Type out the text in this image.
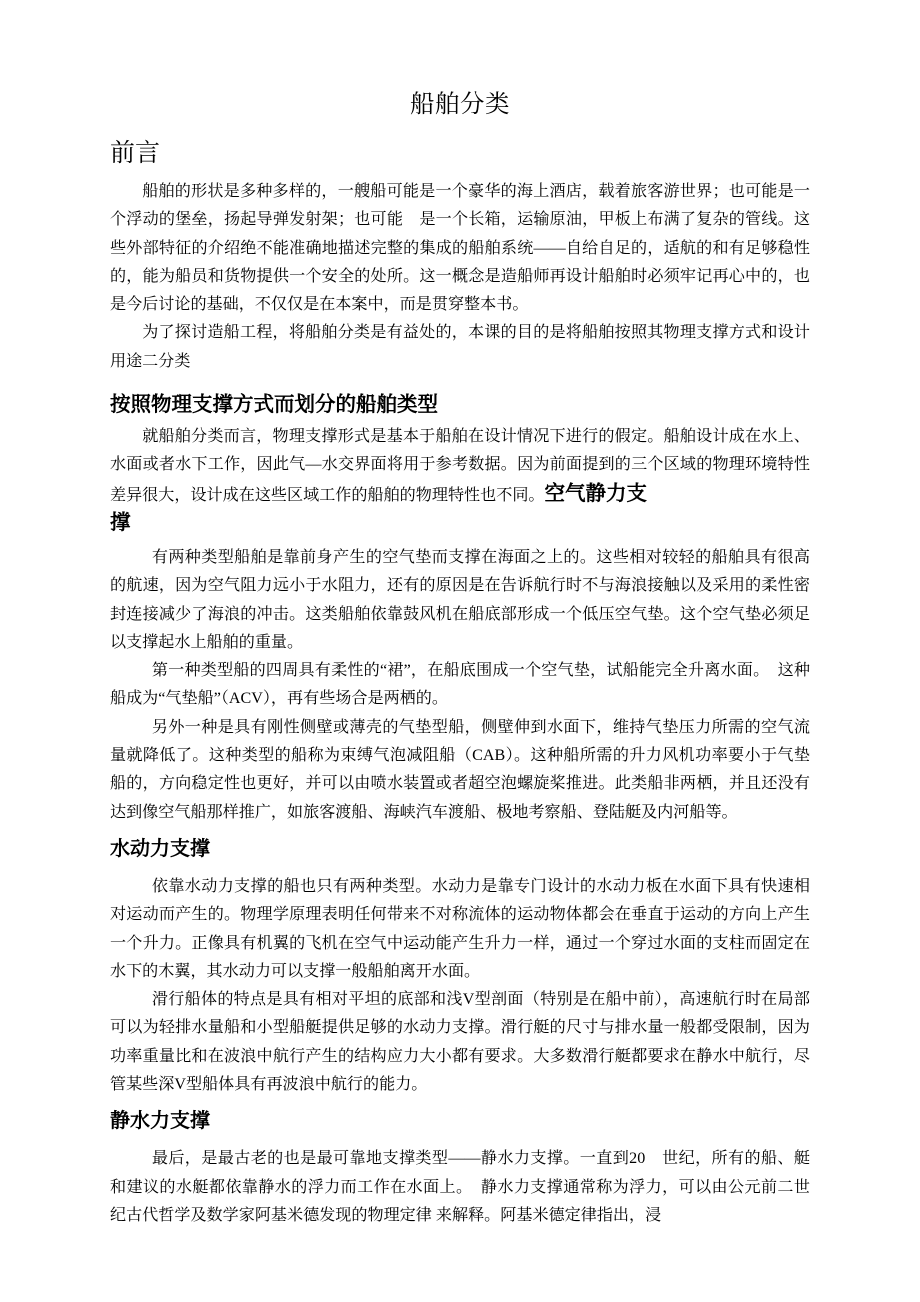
船舶分类
前言

船舶的形状是多种多样的，一艘船可能是一个豪华的海上酒店，载着旅客游世界；也可能是一个浮动的堡垒，扬起导弹发射架；也可能　是一个长箱，运输原油，甲板上布满了复杂的管线。这些外部特征的介绍绝不能准确地描述完整的集成的船舶系统——自给自足的，适航的和有足够稳性的，能为船员和货物提供一个安全的处所。这一概念是造船师再设计船舶时必须牢记再心中的，也是今后讨论的基础，不仅仅是在本案中，而是贯穿整本书。

为了探讨造船工程，将船舶分类是有益处的，本课的目的是将船舶按照其物理支撑方式和设计用途二分类

按照物理支撑方式而划分的船舶类型

就船舶分类而言，物理支撑形式是基本于船舶在设计情况下进行的假定。船舶设计成在水上、水面或者水下工作，因此气—水交界面将用于参考数据。因为前面提到的三个区域的物理环境特性差异很大，设计成在这些区域工作的船舶的物理特性也不同。空气静力支

撑

有两种类型船舶是靠前身产生的空气垫而支撑在海面之上的。这些相对较轻的船舶具有很高的航速，因为空气阻力远小于水阻力，还有的原因是在告诉航行时不与海浪接触以及采用的柔性密封连接减少了海浪的冲击。这类船舶依靠鼓风机在船底部形成一个低压空气垫。这个空气垫必须足以支撑起水上船舶的重量。

第一种类型船的四周具有柔性的“裙”，在船底围成一个空气垫，试船能完全升离水面。　这种船成为“气垫船”（ACV），再有些场合是两栖的。

另外一种是具有刚性侧壁或薄壳的气垫型船，侧壁伸到水面下，维持气垫压力所需的空气流量就降低了。这种类型的船称为束缚气泡减阻船（CAB）。这种船所需的升力风机功率要小于气垫船的，方向稳定性也更好，并可以由喷水装置或者超空泡螺旋桨推进。此类船非两栖，并且还没有达到像空气船那样推广，如旅客渡船、海峡汽车渡船、极地考察船、登陆艇及内河船等。

水动力支撑

依靠水动力支撑的船也只有两种类型。水动力是靠专门设计的水动力板在水面下具有快速相对运动而产生的。物理学原理表明任何带来不对称流体的运动物体都会在垂直于运动的方向上产生一个升力。正像具有机翼的飞机在空气中运动能产生升力一样，通过一个穿过水面的支柱而固定在水下的木翼，其水动力可以支撑一般船舶离开水面。

滑行船体的特点是具有相对平坦的底部和浅V型剖面（特别是在船中前），高速航行时在局部可以为轻排水量船和小型船艇提供足够的水动力支撑。滑行艇的尺寸与排水量一般都受限制，因为功率重量比和在波浪中航行产生的结构应力大小都有要求。大多数滑行艇都要求在静水中航行，尽管某些深V型船体具有再波浪中航行的能力。

静水力支撑

最后，是最古老的也是最可靠地支撑类型——静水力支撑。一直到20　世纪，所有的船、艇和建议的水艇都依靠静水的浮力而工作在水面上。　静水力支撑通常称为浮力，可以由公元前二世纪古代哲学及数学家阿基米德发现的物理定律 来解释。阿基米德定律指出，浸
